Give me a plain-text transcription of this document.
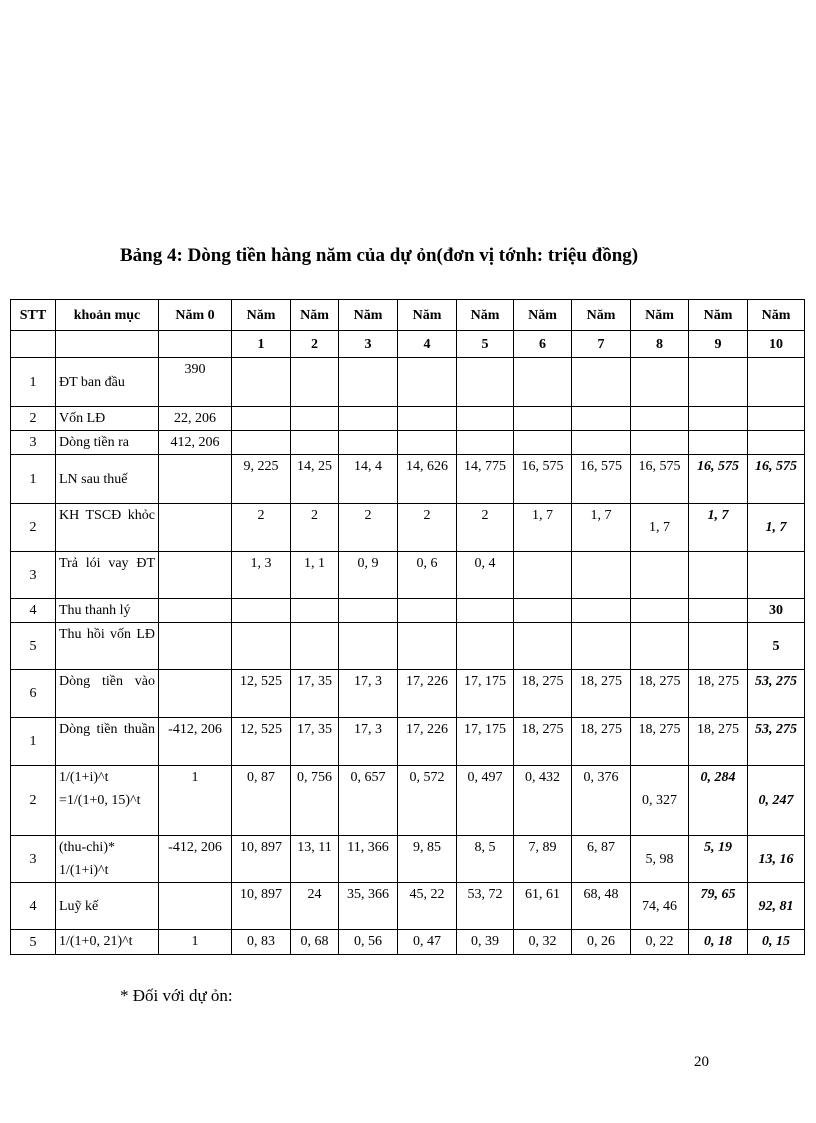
Bảng 4: Dòng tiền hàng năm của dự ỏn(đơn vị tớnh: triệu đồng)
STT	khoản mục	Năm 0	Năm	Năm	Năm	Năm	Năm	Năm	Năm	Năm	Năm	Năm
			1	2	3	4	5	6	7	8	9	10
1	ĐT ban đầu	390										
2	Vốn LĐ	22, 206										
3	Dòng tiền ra	412, 206										
1	LN sau thuế		9, 225	14, 25	14, 4	14, 626	14, 775	16, 575	16, 575	16, 575	16, 575	16, 575
2	KH TSCĐ khỏc		2	2	2	2	2	1, 7	1, 7	1, 7	1, 7	1, 7
3	Trả lói vay ĐT		1, 3	1, 1	0, 9	0, 6	0, 4					
4	Thu thanh lý											30
5	Thu hồi vốn LĐ											5
6	Dòng tiền vào		12, 525	17, 35	17, 3	17, 226	17, 175	18, 275	18, 275	18, 275	18, 275	53, 275
1	Dòng tiền thuần	-412, 206	12, 525	17, 35	17, 3	17, 226	17, 175	18, 275	18, 275	18, 275	18, 275	53, 275
2	1/(1+i)^t =1/(1+0, 15)^t	1	0, 87	0, 756	0, 657	0, 572	0, 497	0, 432	0, 376	0, 327	0, 284	0, 247
3	(thu-chi)* 1/(1+i)^t	-412, 206	10, 897	13, 11	11, 366	9, 85	8, 5	7, 89	6, 87	5, 98	5, 19	13, 16
4	Luỹ kế		10, 897	24	35, 366	45, 22	53, 72	61, 61	68, 48	74, 46	79, 65	92, 81
5	1/(1+0, 21)^t	1	0, 83	0, 68	0, 56	0, 47	0, 39	0, 32	0, 26	0, 22	0, 18	0, 15
* Đối với dự ỏn:
20
